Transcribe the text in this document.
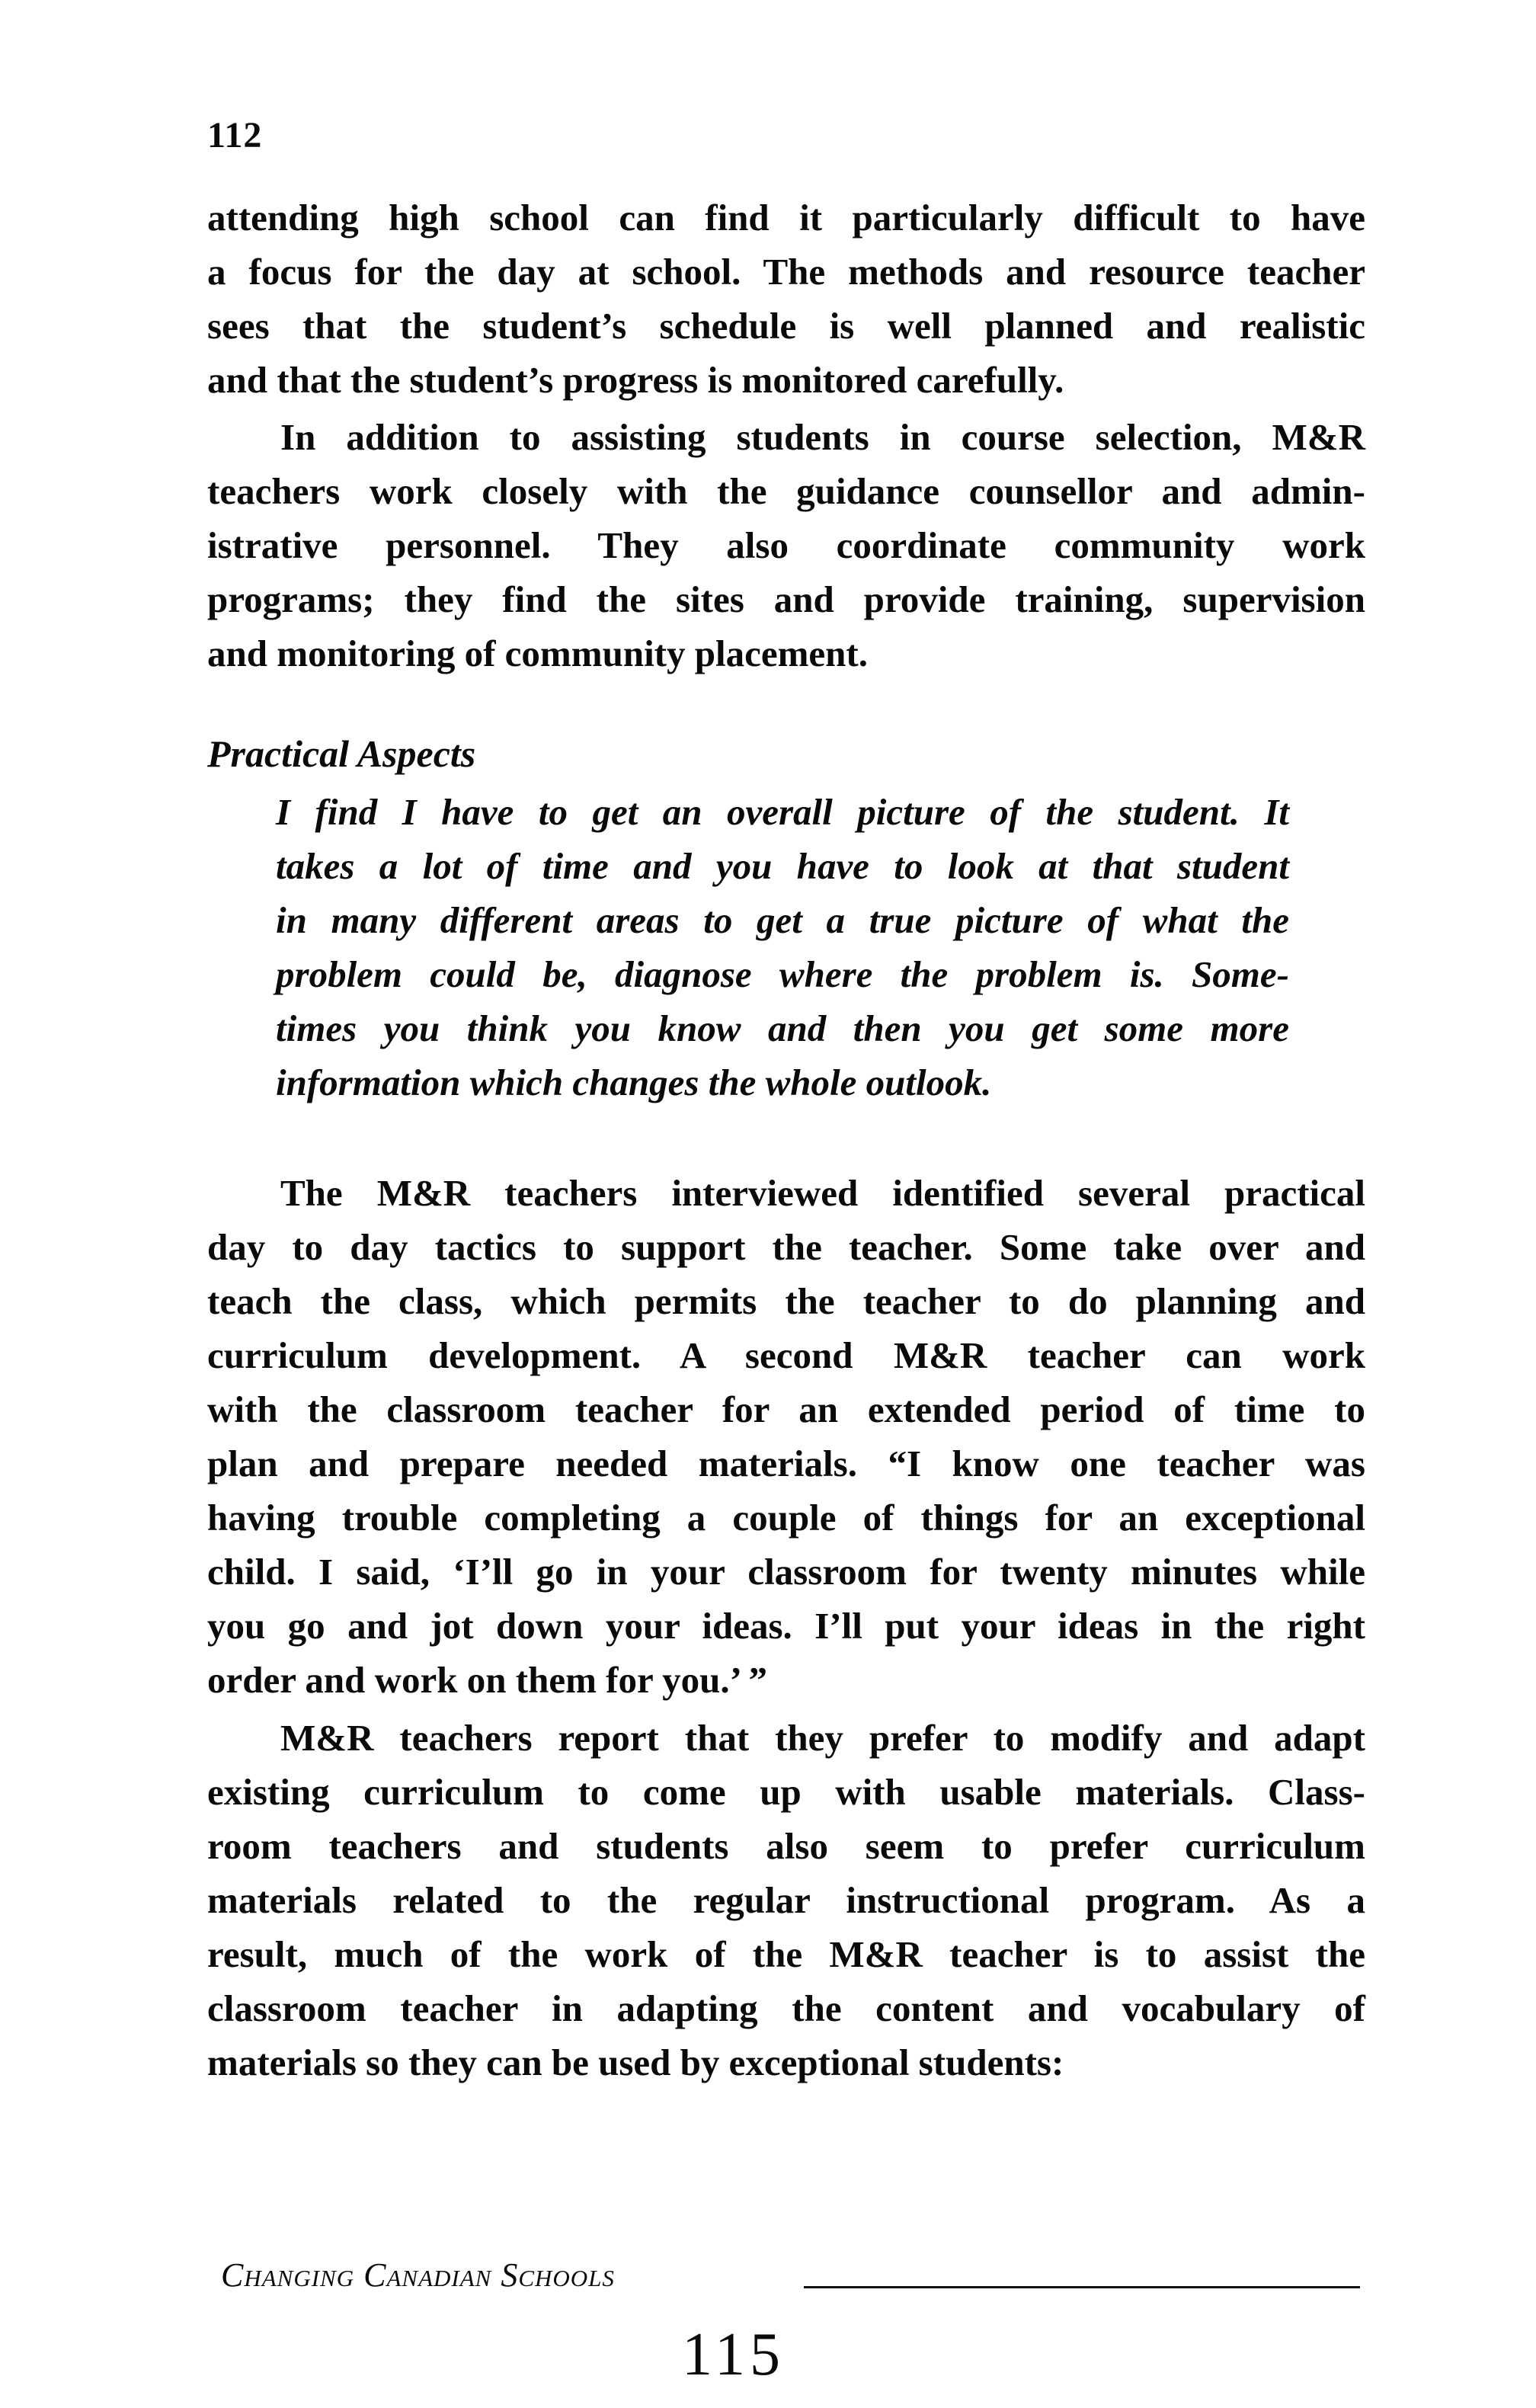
112
attending high school can find it particularly difficult to have
a focus for the day at school. The methods and resource teacher
sees that the student’s schedule is well planned and realistic
and that the student’s progress is monitored carefully.
In addition to assisting students in course selection, M&R
teachers work closely with the guidance counsellor and admin-
istrative personnel. They also coordinate community work
programs; they find the sites and provide training, supervision
and monitoring of community placement.
Practical Aspects
I find I have to get an overall picture of the student. It
takes a lot of time and you have to look at that student
in many different areas to get a true picture of what the
problem could be, diagnose where the problem is. Some-
times you think you know and then you get some more
information which changes the whole outlook.
The M&R teachers interviewed identified several practical
day to day tactics to support the teacher. Some take over and
teach the class, which permits the teacher to do planning and
curriculum development. A second M&R teacher can work
with the classroom teacher for an extended period of time to
plan and prepare needed materials. “I know one teacher was
having trouble completing a couple of things for an exceptional
child. I said, ‘I’ll go in your classroom for twenty minutes while
you go and jot down your ideas. I’ll put your ideas in the right
order and work on them for you.’ ”
M&R teachers report that they prefer to modify and adapt
existing curriculum to come up with usable materials. Class-
room teachers and students also seem to prefer curriculum
materials related to the regular instructional program. As a
result, much of the work of the M&R teacher is to assist the
classroom teacher in adapting the content and vocabulary of
materials so they can be used by exceptional students:
Changing Canadian Schools
115
